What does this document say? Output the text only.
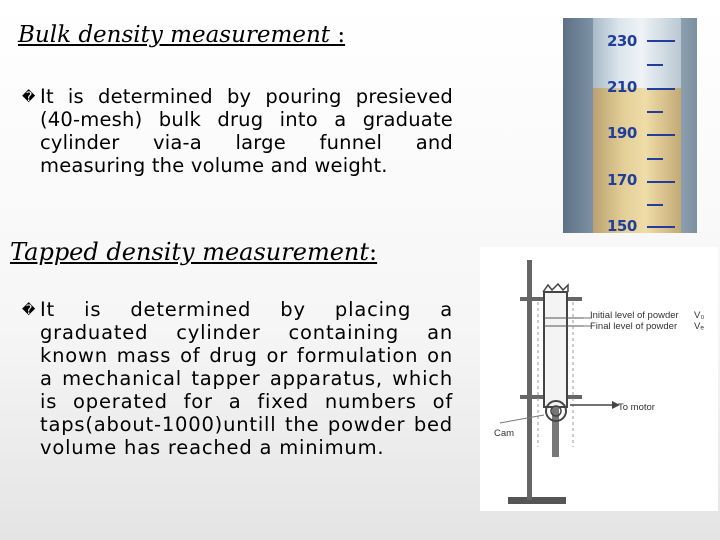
Bulk density measurement :
� It is determined by pouring presieved (40-mesh) bulk drug into a graduate cylinder via-a large funnel and measuring the volume and weight.
Tapped density measurement:
� It is determined by placing a graduated cylinder containing an known mass of drug or formulation on a mechanical tapper apparatus, which is operated for a fixed numbers of taps(about-1000)untill the powder bed volume has reached a minimum.
230
210
190
170
150
Initial level of powder V₀
Final level of powder Vₑ
To motor
Cam
